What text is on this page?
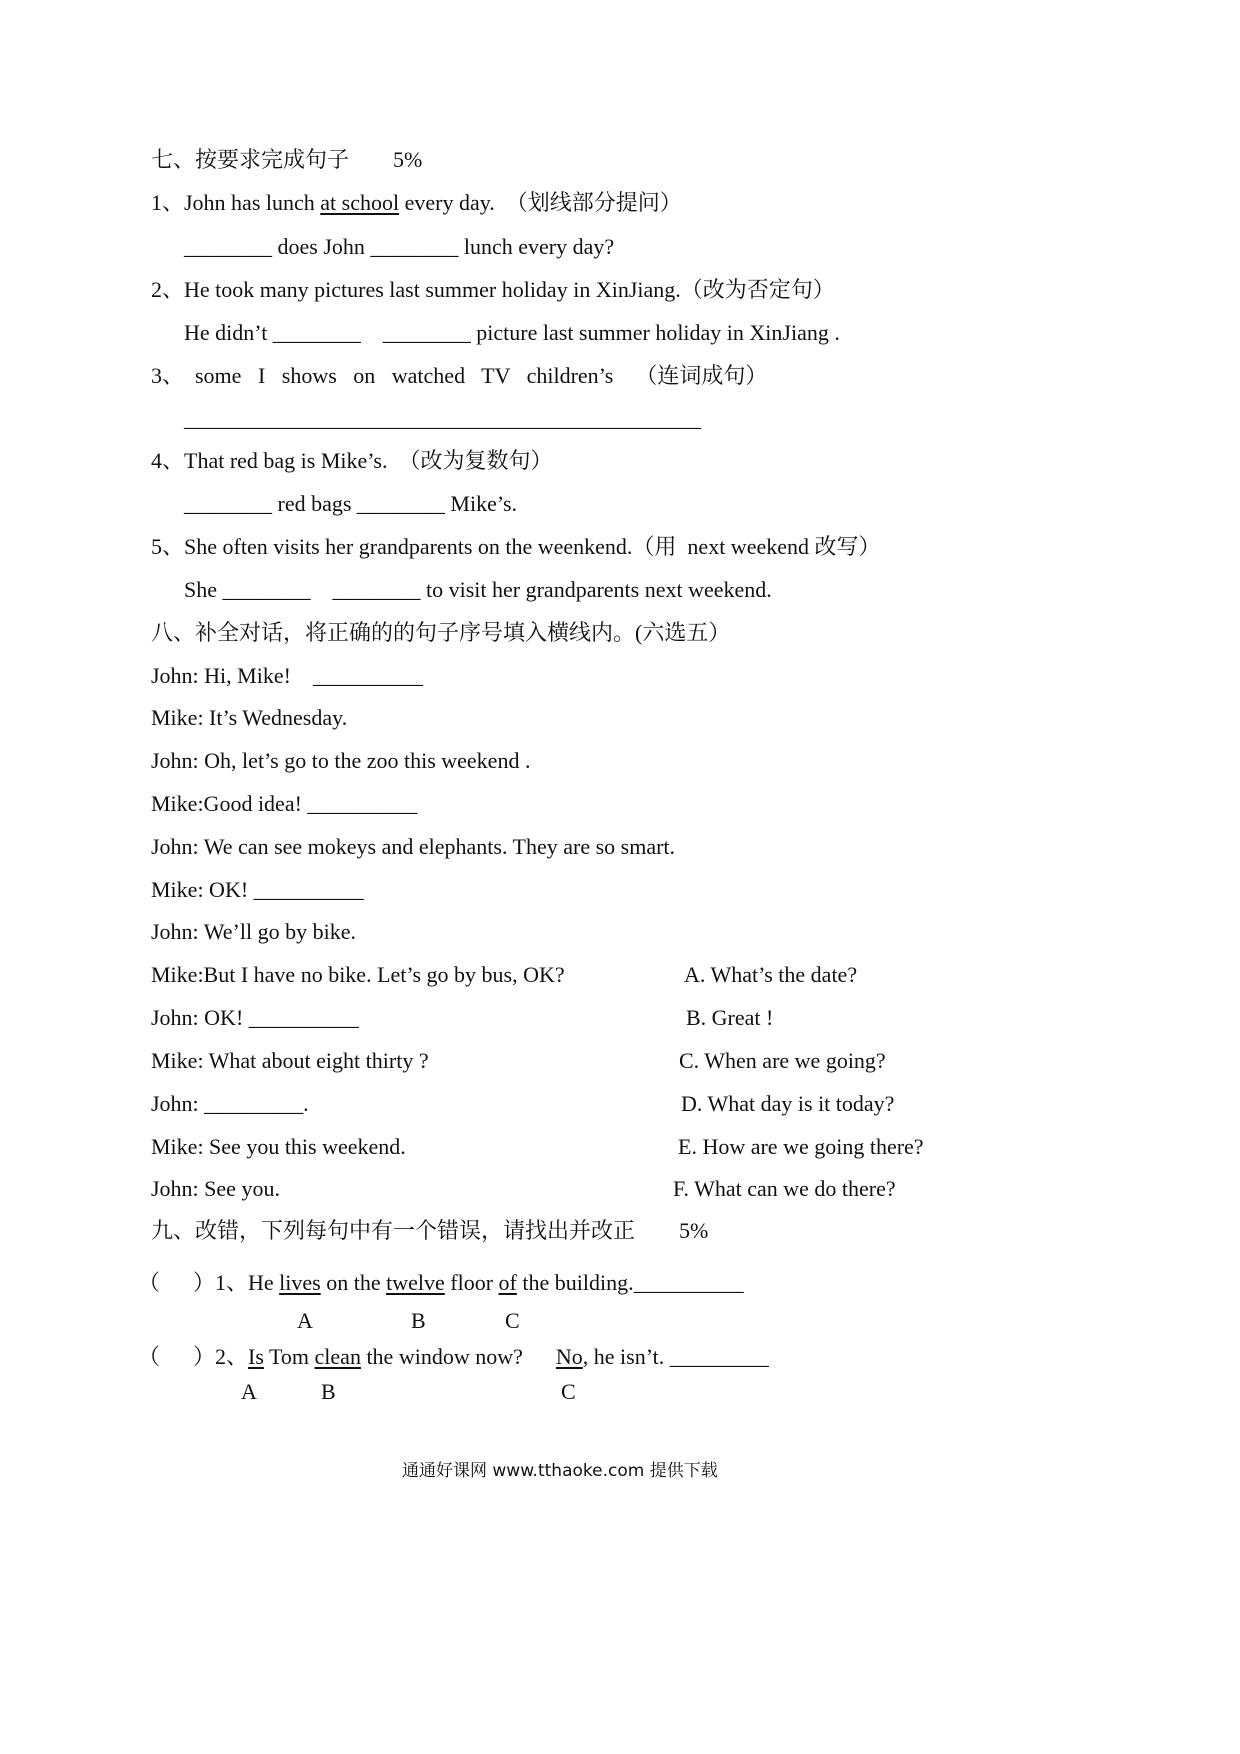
七、按要求完成句子        5%
1、John has lunch at school every day.  （划线部分提问）
________ does John ________ lunch every day?
2、He took many pictures last summer holiday in XinJiang.（改为否定句）
He didn’t ________    ________ picture last summer holiday in XinJiang .
3、  some   I   shows   on   watched   TV   children’s    （连词成句）
_______________________________________________
4、That red bag is Mike’s.  （改为复数句）
________ red bags ________ Mike’s.
5、She often visits her grandparents on the weenkend.（用  next weekend 改写）
She ________    ________ to visit her grandparents next weekend.
八、补全对话，将正确的的句子序号填入横线内。(六选五）
John: Hi, Mike!    __________
Mike: It’s Wednesday.
John: Oh, let’s go to the zoo this weekend .
Mike:Good idea! __________
John: We can see mokeys and elephants. They are so smart.
Mike: OK! __________
John: We’ll go by bike.
Mike:But I have no bike. Let’s go by bus, OK?
John: OK! __________
Mike: What about eight thirty ?
John: _________.
Mike: See you this weekend.
John: See you.
A. What’s the date?
B. Great !
C. When are we going?
D. What day is it today?
E. How are we going there?
F. What can we do there?
九、改错，下列每句中有一个错误，请找出并改正        5%
（      ）1、He lives on the twelve floor of the building.__________
A	B	C
（      ）2、Is Tom clean the window now?      No, he isn’t. _________
A	B	C
通通好课网 www.tthaoke.com 提供下载
